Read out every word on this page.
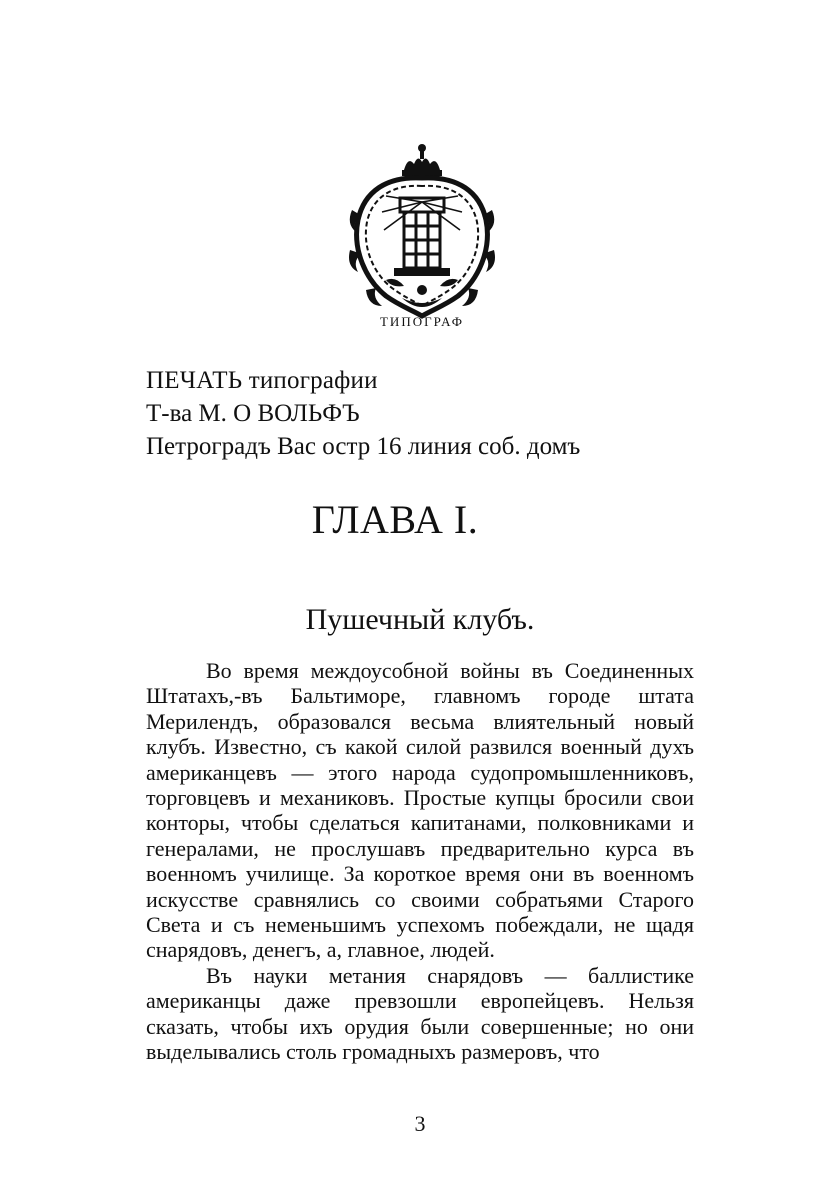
ТИПОГРАФ
ПЕЧАТЬ типографии
Т-ва М. О ВОЛЬФЪ
Петроградъ Вас остр 16 линия соб. домъ
ГЛАВА I.
Пушечный клубъ.

Во время междоусобной войны въ Соединенных Штатахъ,-въ Бальтиморе, главномъ городе штата Мерилендъ, образовался весьма влиятельный новый клубъ. Известно, съ какой силой развился военный духъ американцевъ — этого народа судопромышленниковъ, торговцевъ и механиковъ. Простые купцы бросили свои конторы, чтобы сделаться капитанами, полковниками и генералами, не прослушавъ предварительно курса въ военномъ училище. За короткое время они въ военномъ искусстве сравнялись со своими собратьями Старого Света и съ неменьшимъ успехомъ побеждали, не щадя снарядовъ, денегъ, а, главное, людей.

Въ науки метания снарядовъ — баллистике американцы даже превзошли европейцевъ. Нельзя сказать, чтобы ихъ орудия были совершенные; но они выделывались столь громадныхъ размеровъ, что

3
